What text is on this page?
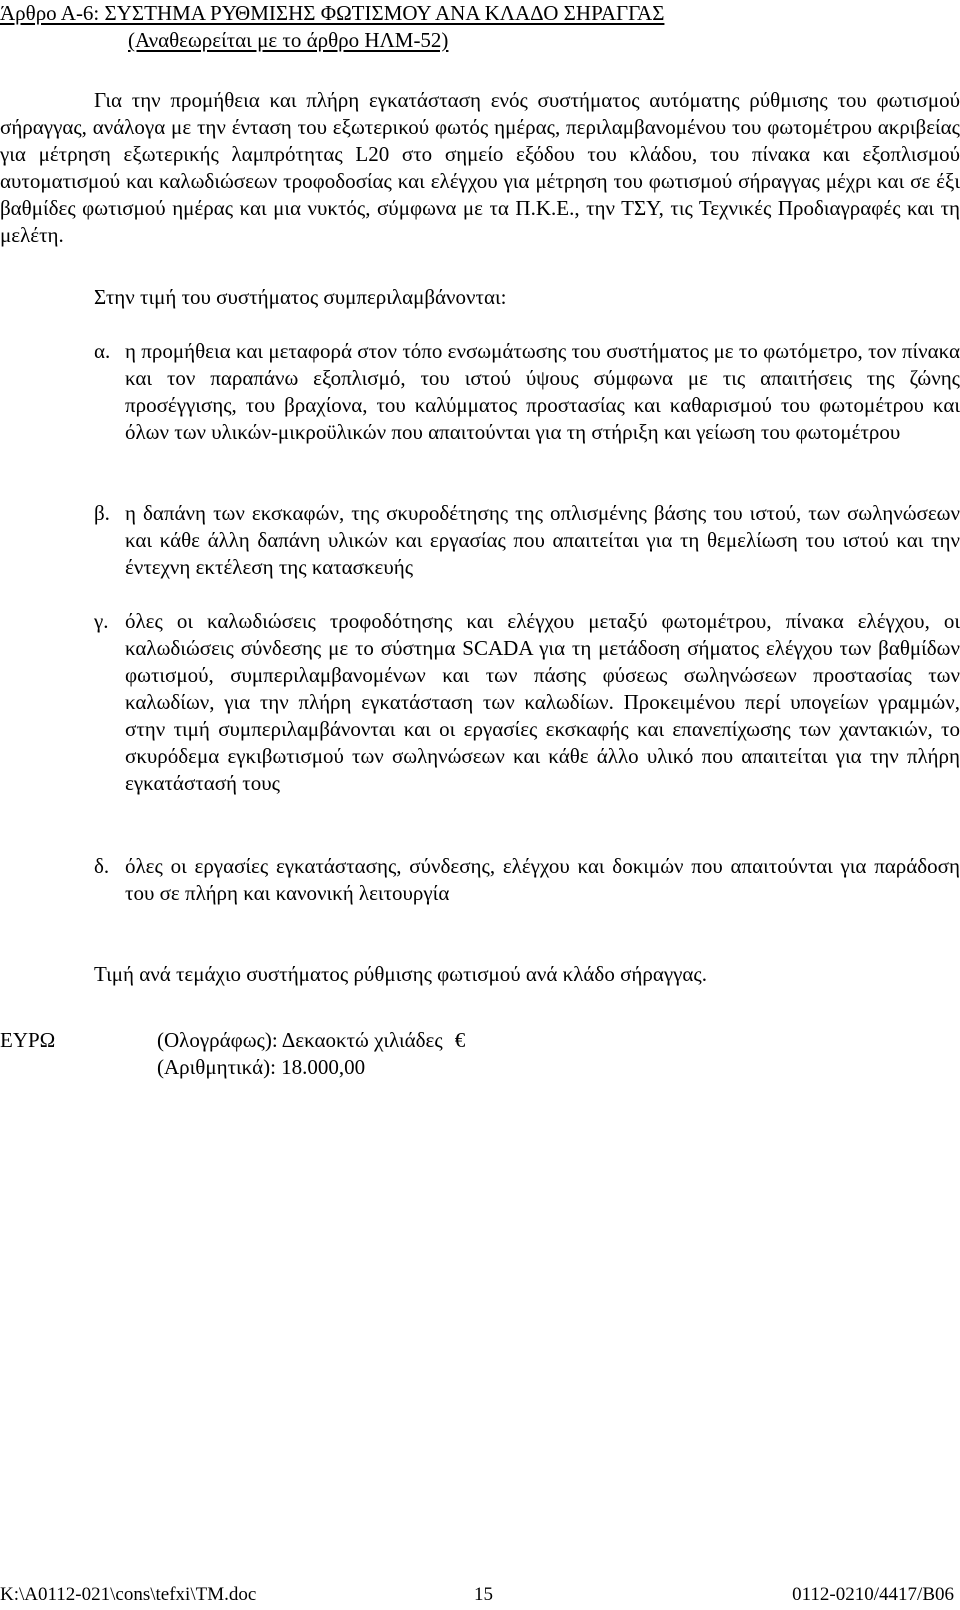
Άρθρο Α-6: ΣΥΣΤΗΜΑ ΡΥΘΜΙΣΗΣ ΦΩΤΙΣΜΟΥ ΑΝΑ ΚΛΑΔΟ ΣΗΡΑΓΓΑΣ
(Αναθεωρείται με το άρθρο ΗΛΜ-52)

Για την προμήθεια και πλήρη εγκατάσταση ενός συστήματος αυτόματης ρύθμισης του φωτισμού σήραγγας, ανάλογα με την ένταση του εξωτερικού φωτός ημέρας, περιλαμβανομένου του φωτομέτρου ακριβείας για μέτρηση εξωτερικής λαμπρότητας L20 στο σημείο εξόδου του κλάδου, του πίνακα και εξοπλισμού αυτοματισμού και καλωδιώσεων τροφοδοσίας και ελέγχου για μέτρηση του φωτισμού σήραγγας μέχρι και σε έξι βαθμίδες φωτισμού ημέρας και μια νυκτός, σύμφωνα με τα Π.Κ.Ε., την ΤΣΥ, τις Τεχνικές Προδιαγραφές και τη μελέτη.

Στην τιμή του συστήματος συμπεριλαμβάνονται:
α. η προμήθεια και μεταφορά στον τόπο ενσωμάτωσης του συστήματος με το φωτόμετρο, τον πίνακα και τον παραπάνω εξοπλισμό, του ιστού ύψους σύμφωνα με τις απαιτήσεις της ζώνης προσέγγισης, του βραχίονα, του καλύμματος προστασίας και καθαρισμού του φωτομέτρου και όλων των υλικών-μικροϋλικών που απαιτούνται για τη στήριξη και γείωση του φωτομέτρου
β. η δαπάνη των εκσκαφών, της σκυροδέτησης της οπλισμένης βάσης του ιστού, των σωληνώσεων και κάθε άλλη δαπάνη υλικών και εργασίας που απαιτείται για τη θεμελίωση του ιστού και την έντεχνη εκτέλεση της κατασκευής
γ. όλες οι καλωδιώσεις τροφοδότησης και ελέγχου μεταξύ φωτομέτρου, πίνακα ελέγχου, οι καλωδιώσεις σύνδεσης με το σύστημα SCADA για τη μετάδοση σήματος ελέγχου των βαθμίδων φωτισμού, συμπεριλαμβανομένων και των πάσης φύσεως σωληνώσεων προστασίας των καλωδίων, για την πλήρη εγκατάσταση των καλωδίων. Προκειμένου περί υπογείων γραμμών, στην τιμή συμπεριλαμβάνονται και οι εργασίες εκσκαφής και επανεπίχωσης των χαντακιών, το σκυρόδεμα εγκιβωτισμού των σωληνώσεων και κάθε άλλο υλικό που απαιτείται για την πλήρη εγκατάστασή τους
δ. όλες οι εργασίες εγκατάστασης, σύνδεσης, ελέγχου και δοκιμών που απαιτούνται για παράδοση του σε πλήρη και κανονική λειτουργία
Τιμή ανά τεμάχιο συστήματος ρύθμισης φωτισμού ανά κλάδο σήραγγας.
ΕΥΡΩ	(Ολογράφως): Δεκαοκτώ χιλιάδες €
(Αριθμητικά): 18.000,00
K:\A0112-021\cons\tefxi\TM.doc	15	0112-0210/4417/B06
